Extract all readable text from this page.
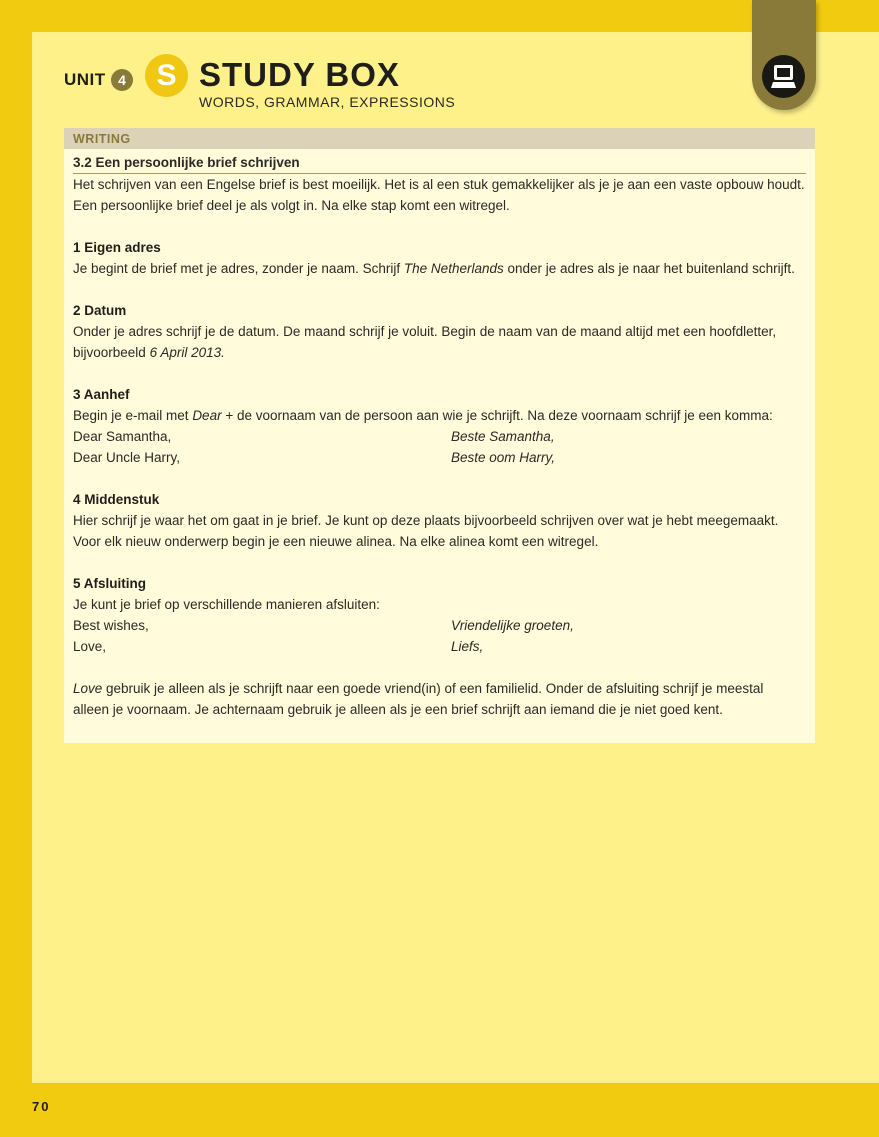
UNIT 4	S STUDY BOX
WORDS, GRAMMAR, EXPRESSIONS
WRITING
3.2 Een persoonlijke brief schrijven
Het schrijven van een Engelse brief is best moeilijk. Het is al een stuk gemakkelijker als je je aan een vaste opbouw houdt.
Een persoonlijke brief deel je als volgt in. Na elke stap komt een witregel.
1 Eigen adres
Je begint de brief met je adres, zonder je naam. Schrijf The Netherlands onder je adres als je naar het buitenland schrijft.
2 Datum
Onder je adres schrijf je de datum. De maand schrijf je voluit. Begin de naam van de maand altijd met een hoofdletter,
bijvoorbeeld 6 April 2013.
3 Aanhef
Begin je e-mail met Dear + de voornaam van de persoon aan wie je schrijft. Na deze voornaam schrijf je een komma:
Dear Samantha,	Beste Samantha,
Dear Uncle Harry,	Beste oom Harry,
4 Middenstuk
Hier schrijf je waar het om gaat in je brief. Je kunt op deze plaats bijvoorbeeld schrijven over wat je hebt meegemaakt.
Voor elk nieuw onderwerp begin je een nieuwe alinea. Na elke alinea komt een witregel.
5 Afsluiting
Je kunt je brief op verschillende manieren afsluiten:
Best wishes,	Vriendelijke groeten,
Love,	Liefs,
Love gebruik je alleen als je schrijft naar een goede vriend(in) of een familielid. Onder de afsluiting schrijf je meestal
alleen je voornaam. Je achternaam gebruik je alleen als je een brief schrijft aan iemand die je niet goed kent.
70
